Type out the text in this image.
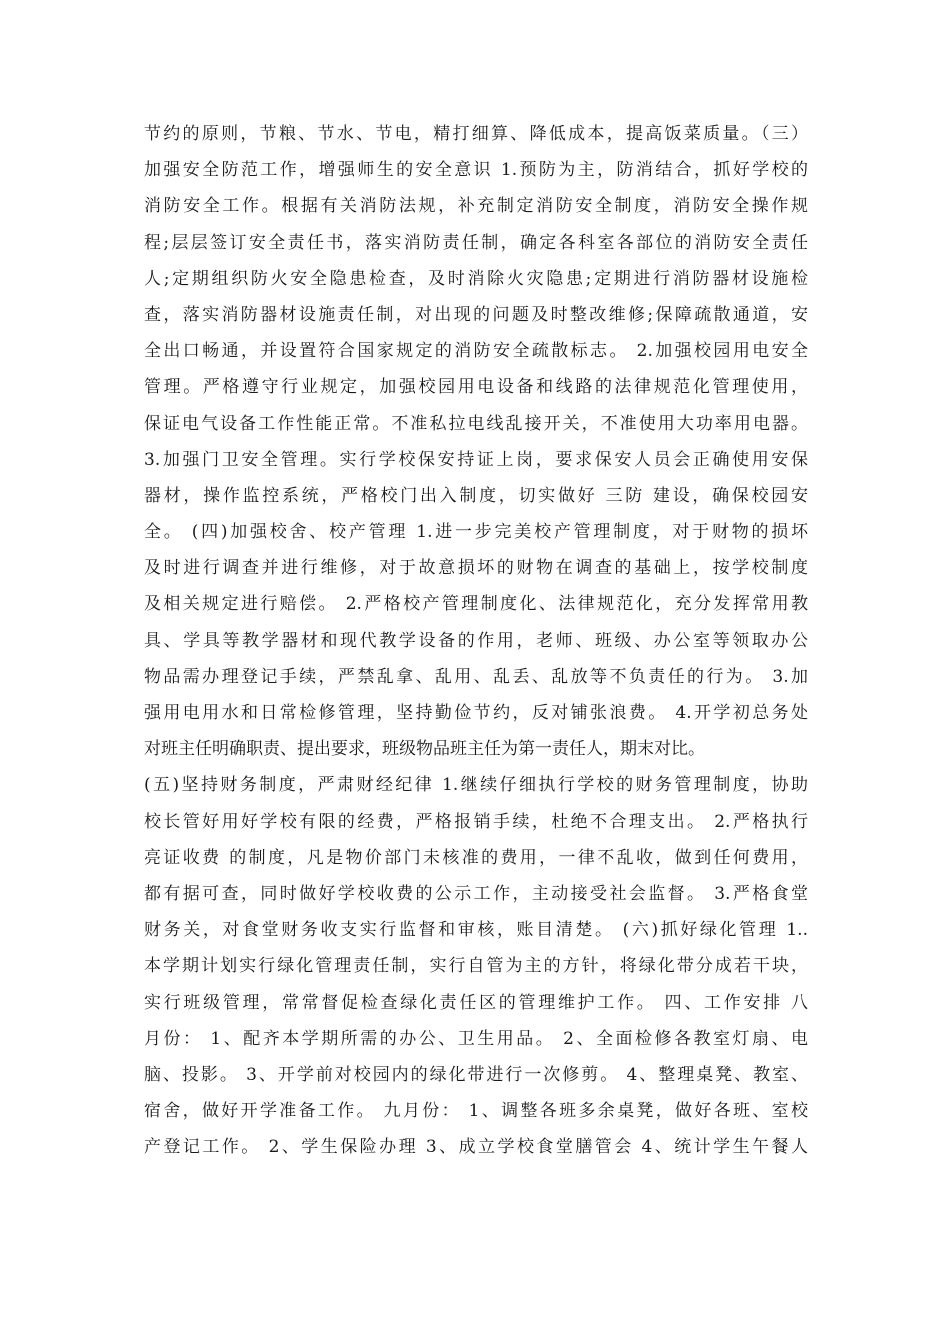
节约的原则，节粮、节水、节电，精打细算、降低成本，提高饭菜质量。（三）
加强安全防范工作，增强师生的安全意识 1.预防为主，防消结合，抓好学校的
消防安全工作。根据有关消防法规，补充制定消防安全制度，消防安全操作规
程;层层签订安全责任书，落实消防责任制，确定各科室各部位的消防安全责任
人;定期组织防火安全隐患检查，及时消除火灾隐患;定期进行消防器材设施检
查，落实消防器材设施责任制，对出现的问题及时整改维修;保障疏散通道，安
全出口畅通，并设置符合国家规定的消防安全疏散标志。 2.加强校园用电安全
管理。严格遵守行业规定，加强校园用电设备和线路的法律规范化管理使用，
保证电气设备工作性能正常。不准私拉电线乱接开关，不准使用大功率用电器。
3.加强门卫安全管理。实行学校保安持证上岗，要求保安人员会正确使用安保
器材，操作监控系统，严格校门出入制度，切实做好 三防 建设，确保校园安
全。 (四)加强校舍、校产管理 1.进一步完美校产管理制度，对于财物的损坏
及时进行调查并进行维修，对于故意损坏的财物在调查的基础上，按学校制度
及相关规定进行赔偿。 2.严格校产管理制度化、法律规范化，充分发挥常用教
具、学具等教学器材和现代教学设备的作用，老师、班级、办公室等领取办公
物品需办理登记手续，严禁乱拿、乱用、乱丢、乱放等不负责任的行为。 3.加
强用电用水和日常检修管理，坚持勤俭节约，反对铺张浪费。 4.开学初总务处
对班主任明确职责、提出要求，班级物品班主任为第一责任人，期末对比。
(五)坚持财务制度，严肃财经纪律 1.继续仔细执行学校的财务管理制度，协助
校长管好用好学校有限的经费，严格报销手续，杜绝不合理支出。 2.严格执行
亮证收费 的制度，凡是物价部门未核准的费用，一律不乱收，做到任何费用，
都有据可查，同时做好学校收费的公示工作，主动接受社会监督。 3.严格食堂
财务关，对食堂财务收支实行监督和审核，账目清楚。 (六)抓好绿化管理 1..
本学期计划实行绿化管理责任制，实行自管为主的方针，将绿化带分成若干块，
实行班级管理，常常督促检查绿化责任区的管理维护工作。 四、工作安排 八
月份： 1、配齐本学期所需的办公、卫生用品。 2、全面检修各教室灯扇、电
脑、投影。 3、开学前对校园内的绿化带进行一次修剪。 4、整理桌凳、教室、
宿舍，做好开学准备工作。 九月份： 1、调整各班多余桌凳，做好各班、室校
产登记工作。 2、学生保险办理 3、成立学校食堂膳管会 4、统计学生午餐人
